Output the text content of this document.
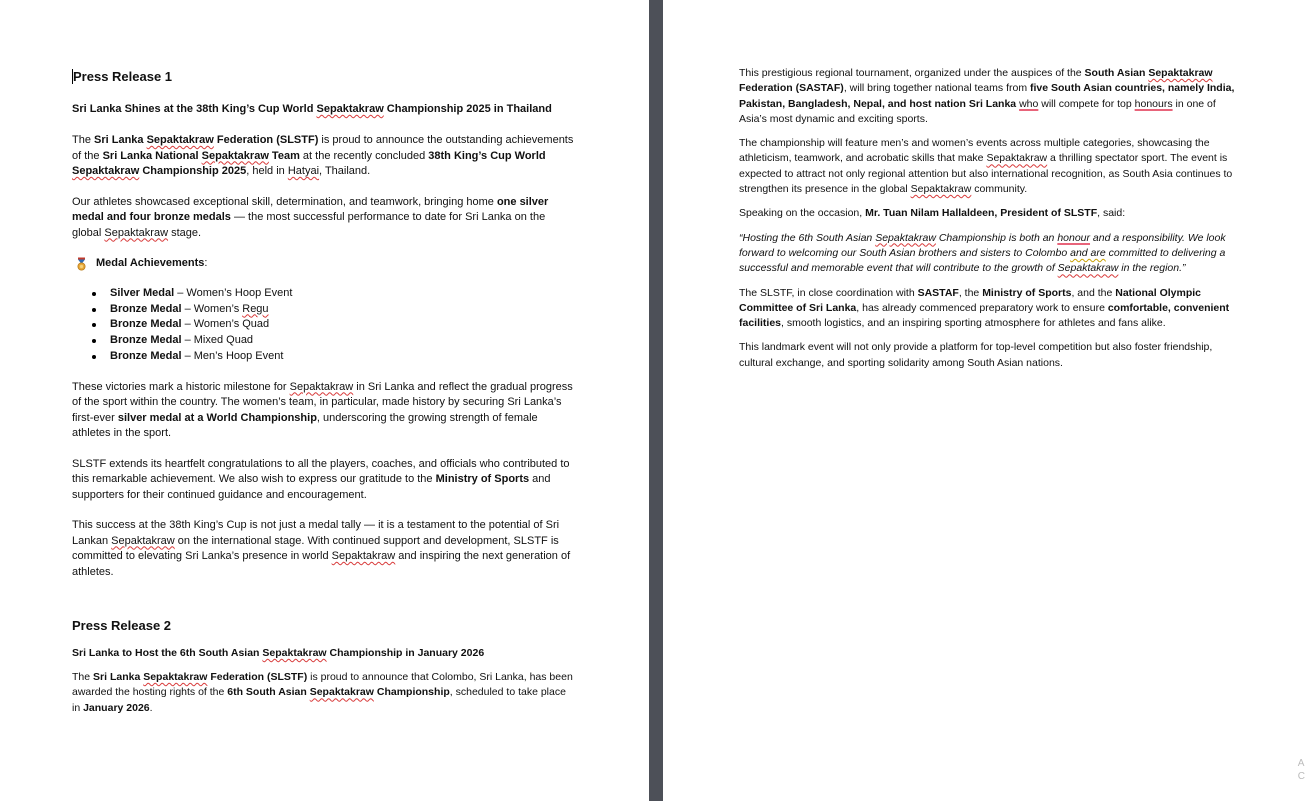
Press Release 1
Sri Lanka Shines at the 38th King’s Cup World Sepaktakraw Championship 2025 in Thailand

The Sri Lanka Sepaktakraw Federation (SLSTF) is proud to announce the outstanding achievements of the Sri Lanka National Sepaktakraw Team at the recently concluded 38th King’s Cup World Sepaktakraw Championship 2025, held in Hatyai, Thailand.

Our athletes showcased exceptional skill, determination, and teamwork, bringing home one silver medal and four bronze medals — the most successful performance to date for Sri Lanka on the global Sepaktakraw stage.

Medal Achievements :
Silver Medal – Women’s Hoop Event
Bronze Medal – Women’s Regu
Bronze Medal – Women’s Quad
Bronze Medal – Mixed Quad
Bronze Medal – Men’s Hoop Event

These victories mark a historic milestone for Sepaktakraw in Sri Lanka and reflect the gradual progress of the sport within the country. The women’s team, in particular, made history by securing Sri Lanka’s first-ever silver medal at a World Championship, underscoring the growing strength of female athletes in the sport.

SLSTF extends its heartfelt congratulations to all the players, coaches, and officials who contributed to this remarkable achievement. We also wish to express our gratitude to the Ministry of Sports and supporters for their continued guidance and encouragement.

This success at the 38th King’s Cup is not just a medal tally — it is a testament to the potential of Sri Lankan Sepaktakraw on the international stage. With continued support and development, SLSTF is committed to elevating Sri Lanka’s presence in world Sepaktakraw and inspiring the next generation of athletes.

Press Release 2
Sri Lanka to Host the 6th South Asian Sepaktakraw Championship in January 2026

The Sri Lanka Sepaktakraw Federation (SLSTF) is proud to announce that Colombo, Sri Lanka, has been awarded the hosting rights of the 6th South Asian Sepaktakraw Championship, scheduled to take place in January 2026.

This prestigious regional tournament, organized under the auspices of the South Asian Sepaktakraw Federation (SASTAF), will bring together national teams from five South Asian countries, namely India, Pakistan, Bangladesh, Nepal, and host nation Sri Lanka who will compete for top honours in one of Asia’s most dynamic and exciting sports.

The championship will feature men’s and women’s events across multiple categories, showcasing the athleticism, teamwork, and acrobatic skills that make Sepaktakraw a thrilling spectator sport. The event is expected to attract not only regional attention but also international recognition, as South Asia continues to strengthen its presence in the global Sepaktakraw community.

Speaking on the occasion, Mr. Tuan Nilam Hallaldeen, President of SLSTF, said:

“Hosting the 6th South Asian Sepaktakraw Championship is both an honour and a responsibility. We look forward to welcoming our South Asian brothers and sisters to Colombo and are committed to delivering a successful and memorable event that will contribute to the growth of Sepaktakraw in the region.”

The SLSTF, in close coordination with SASTAF, the Ministry of Sports, and the National Olympic Committee of Sri Lanka, has already commenced preparatory work to ensure comfortable, convenient facilities, smooth logistics, and an inspiring sporting atmosphere for athletes and fans alike.

This landmark event will not only provide a platform for top-level competition but also foster friendship, cultural exchange, and sporting solidarity among South Asian nations.

A
C
